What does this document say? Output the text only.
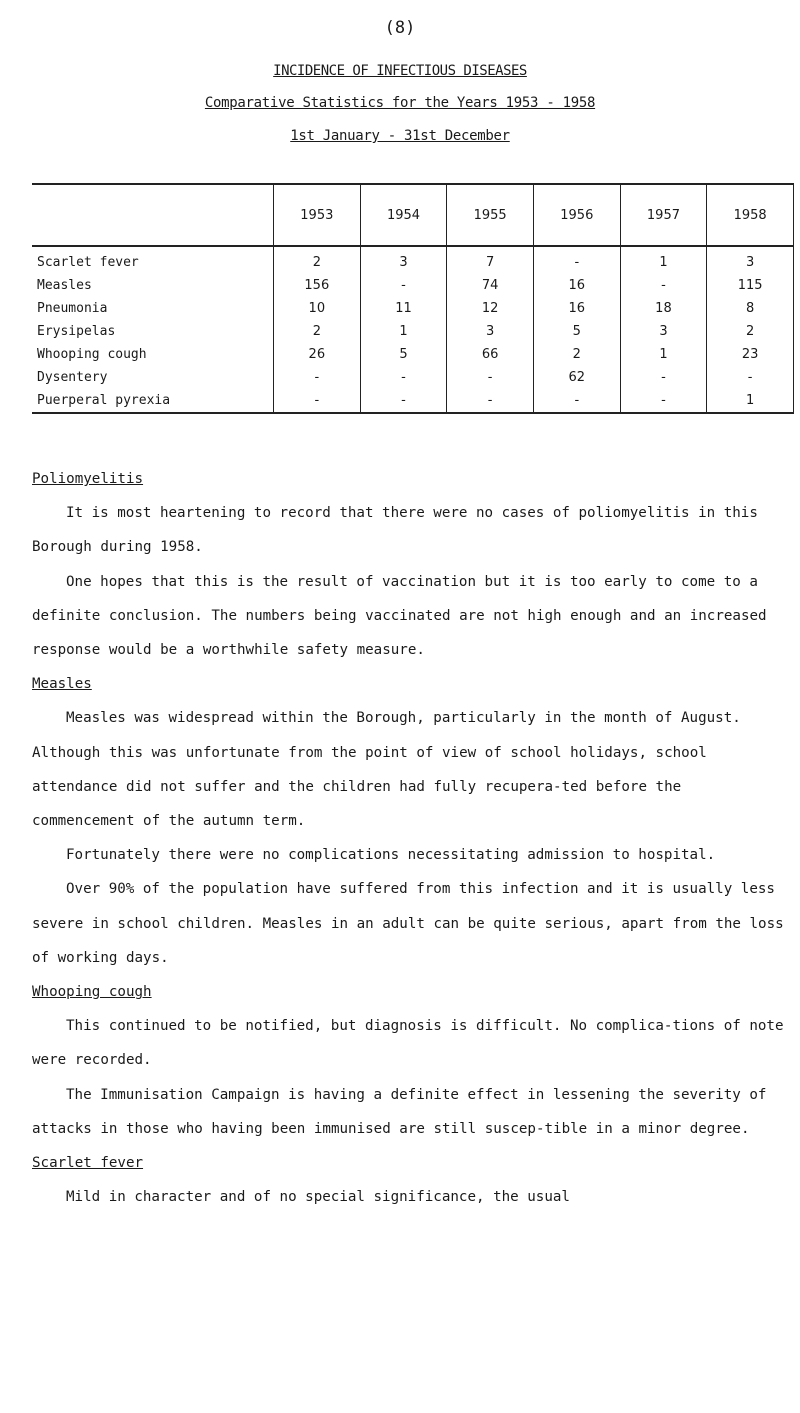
(8)
INCIDENCE OF INFECTIOUS DISEASES
Comparative Statistics for the Years 1953 - 1958
1st January - 31st December
	1953	1954	1955	1956	1957	1958
Scarlet fever	2	3	7	-	1	3
Measles	156	-	74	16	-	115
Pneumonia	10	11	12	16	18	8
Erysipelas	2	1	3	5	3	2
Whooping cough	26	5	66	2	1	23
Dysentery	-	-	-	62	-	-
Puerperal pyrexia	-	-	-	-	-	1

Poliomyelitis

It is most heartening to record that there were no cases of poliomyelitis in this Borough during 1958.

One hopes that this is the result of vaccination but it is too early to come to a definite conclusion. The numbers being vaccinated are not high enough and an increased response would be a worthwhile safety measure.

Measles

Measles was widespread within the Borough, particularly in the month of August. Although this was unfortunate from the point of view of school holidays, school attendance did not suffer and the children had fully recupera-ted before the commencement of the autumn term.

Fortunately there were no complications necessitating admission to hospital.

Over 90% of the population have suffered from this infection and it is usually less severe in school children. Measles in an adult can be quite serious, apart from the loss of working days.

Whooping cough

This continued to be notified, but diagnosis is difficult. No complica-tions of note were recorded.

The Immunisation Campaign is having a definite effect in lessening the severity of attacks in those who having been immunised are still suscep-tible in a minor degree.

Scarlet fever

Mild in character and of no special significance, the usual
